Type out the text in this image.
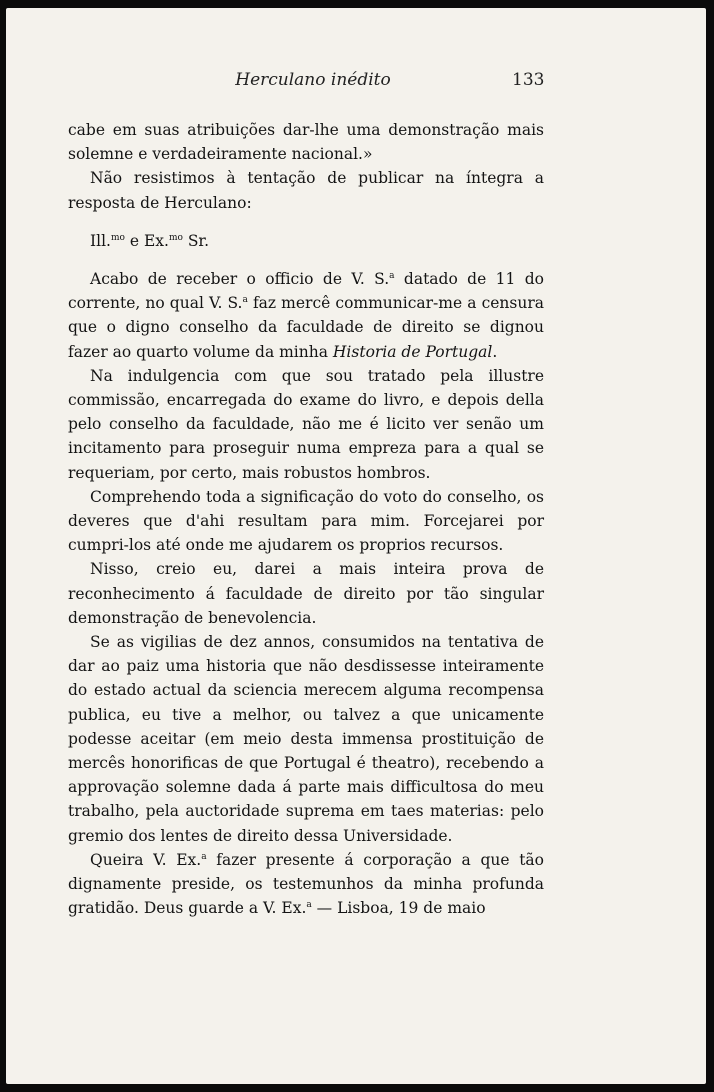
Herculano inédito	133

cabe em suas atribuições dar-lhe uma demonstração mais solemne e verdadeiramente nacional.»

Não resistimos à tentação de publicar na íntegra a resposta de Herculano:

Ill.$^{mo}$ e Ex.$^{mo}$ Sr.

Acabo de receber o officio de V. S.$^a$ datado de 11 do corrente, no qual V. S.$^a$ faz mercê communicar-me a censura que o digno conselho da faculdade de direito se dignou fazer ao quarto volume da minha Historia de Portugal.

Na indulgencia com que sou tratado pela illustre commissão, encarregada do exame do livro, e depois della pelo conselho da faculdade, não me é licito ver senão um incitamento para proseguir numa empreza para a qual se requeriam, por certo, mais robustos hombros.

Comprehendo toda a significação do voto do conselho, os deveres que d'ahi resultam para mim. Forcejarei por cumpri-los até onde me ajudarem os proprios recursos.

Nisso, creio eu, darei a mais inteira prova de reconhecimento á faculdade de direito por tão singular demonstração de benevolencia.

Se as vigilias de dez annos, consumidos na tentativa de dar ao paiz uma historia que não desdissesse inteiramente do estado actual da sciencia merecem alguma recompensa publica, eu tive a melhor, ou talvez a que unicamente podesse aceitar (em meio desta immensa prostituição de mercês honorificas de que Portugal é theatro), recebendo a approvação solemne dada á parte mais difficultosa do meu trabalho, pela auctoridade suprema em taes materias: pelo gremio dos lentes de direito dessa Universidade.

Queira V. Ex.$^a$ fazer presente á corporação a que tão dignamente preside, os testemunhos da minha profunda gratidão. Deus guarde a V. Ex.$^a$ — Lisboa, 19 de maio
